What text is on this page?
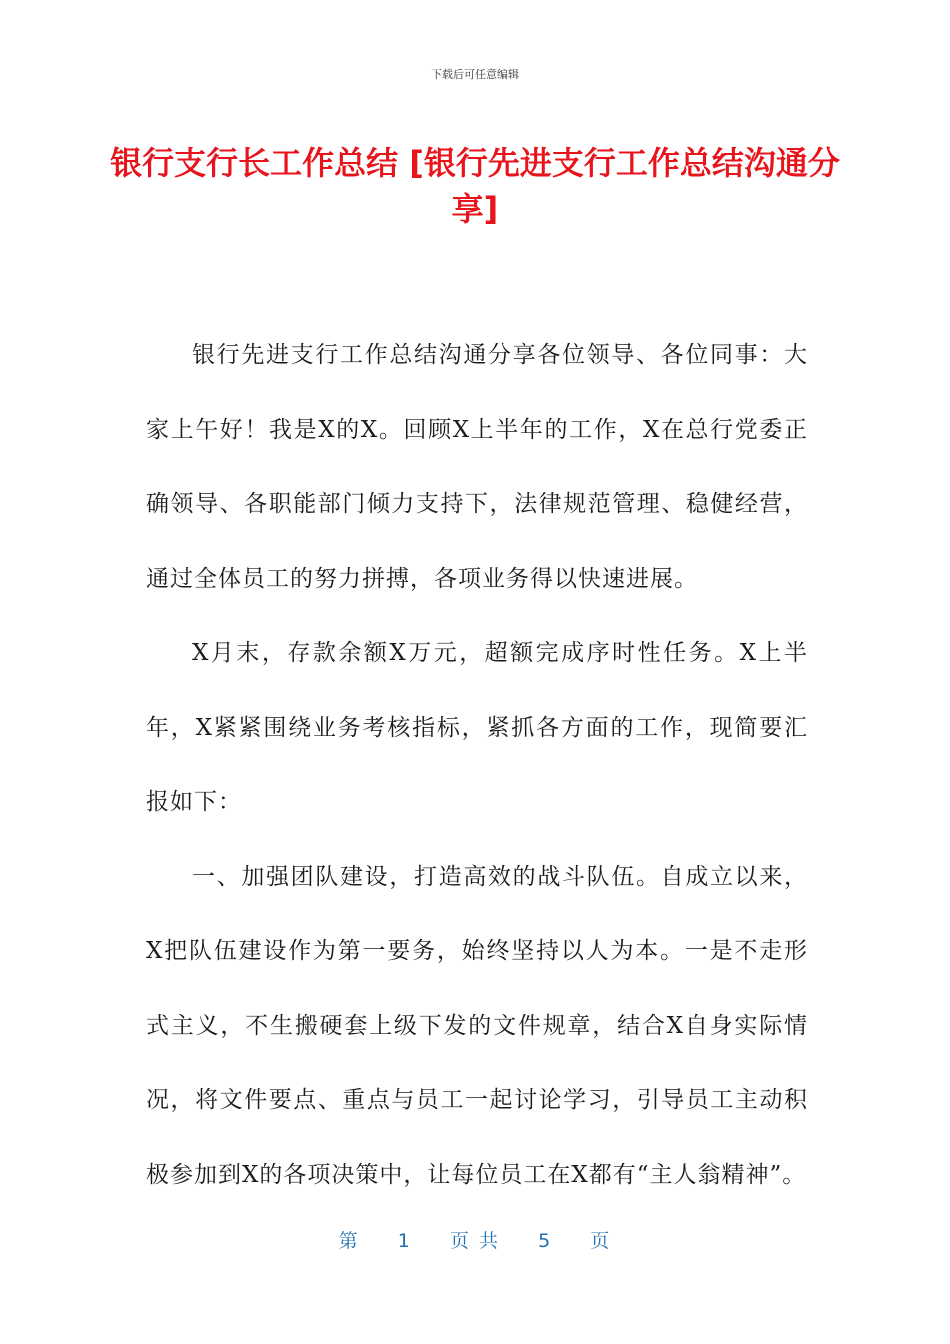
下载后可任意编辑
银行支行长工作总结 [银行先进支行工作总结沟通分享]

银行先进支行工作总结沟通分享各位领导、各位同事：大家上午好！我是X的X。回顾X上半年的工作，X在总行党委正确领导、各职能部门倾力支持下，法律规范管理、稳健经营，通过全体员工的努力拼搏，各项业务得以快速进展。

X月末，存款余额X万元，超额完成序时性任务。X上半年，X紧紧围绕业务考核指标，紧抓各方面的工作，现简要汇报如下：

一、加强团队建设，打造高效的战斗队伍。自成立以来，X把队伍建设作为第一要务，始终坚持以人为本。一是不走形式主义，不生搬硬套上级下发的文件规章，结合X自身实际情况，将文件要点、重点与员工一起讨论学习，引导员工主动积极参加到X的各项决策中，让每位员工在X都有“主人翁精神”。

第 1 页 共 5 页
